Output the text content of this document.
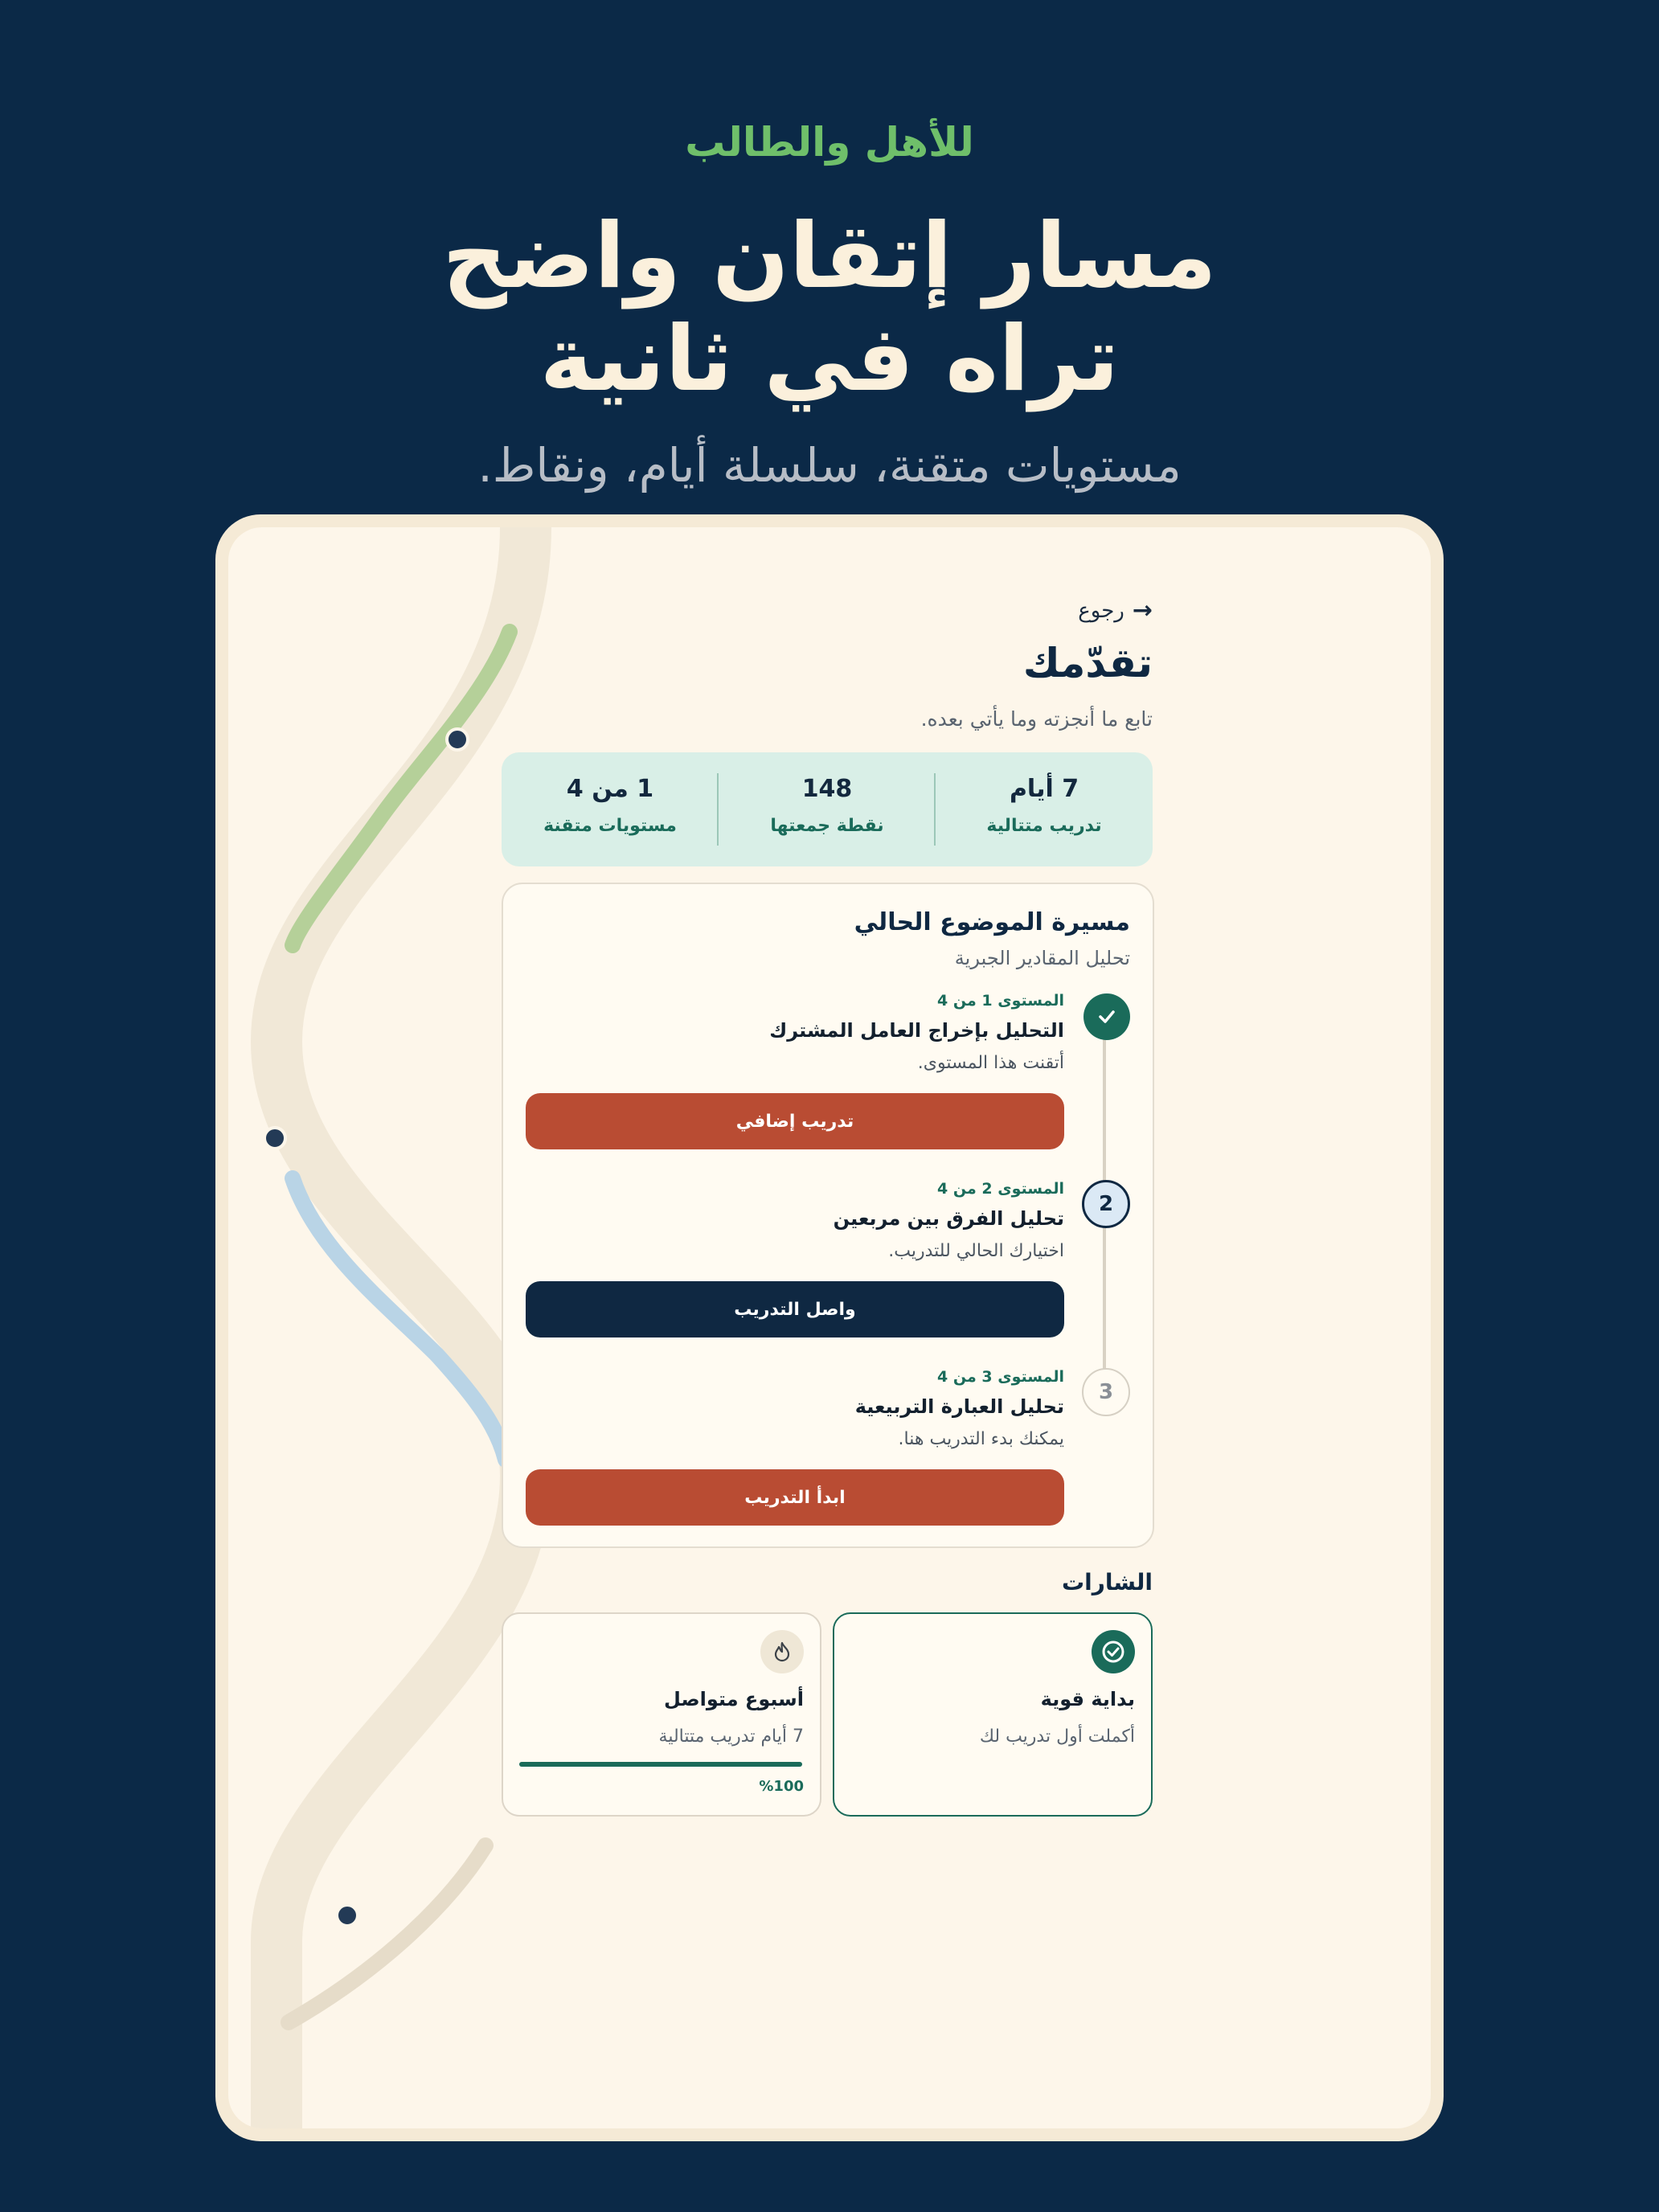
للأهل والطالب
مسار إتقان واضح
تراه في ثانية
مستويات متقنة، سلسلة أيام، ونقاط.
→
رجوع
تقدّمك
تابع ما أنجزته وما يأتي بعده.
7 أيام
تدريب متتالية
148
نقطة جمعتها
1 من 4
مستويات متقنة
مسيرة الموضوع الحالي
تحليل المقادير الجبرية
المستوى 1 من 4
التحليل بإخراج العامل المشترك
أتقنت هذا المستوى.
تدريب إضافي
2
المستوى 2 من 4
تحليل الفرق بين مربعين
اختيارك الحالي للتدريب.
واصل التدريب
3
المستوى 3 من 4
تحليل العبارة التربيعية
يمكنك بدء التدريب هنا.
ابدأ التدريب
الشارات
بداية قوية
أكملت أول تدريب لك
أسبوع متواصل
7 أيام تدريب متتالية
%100
